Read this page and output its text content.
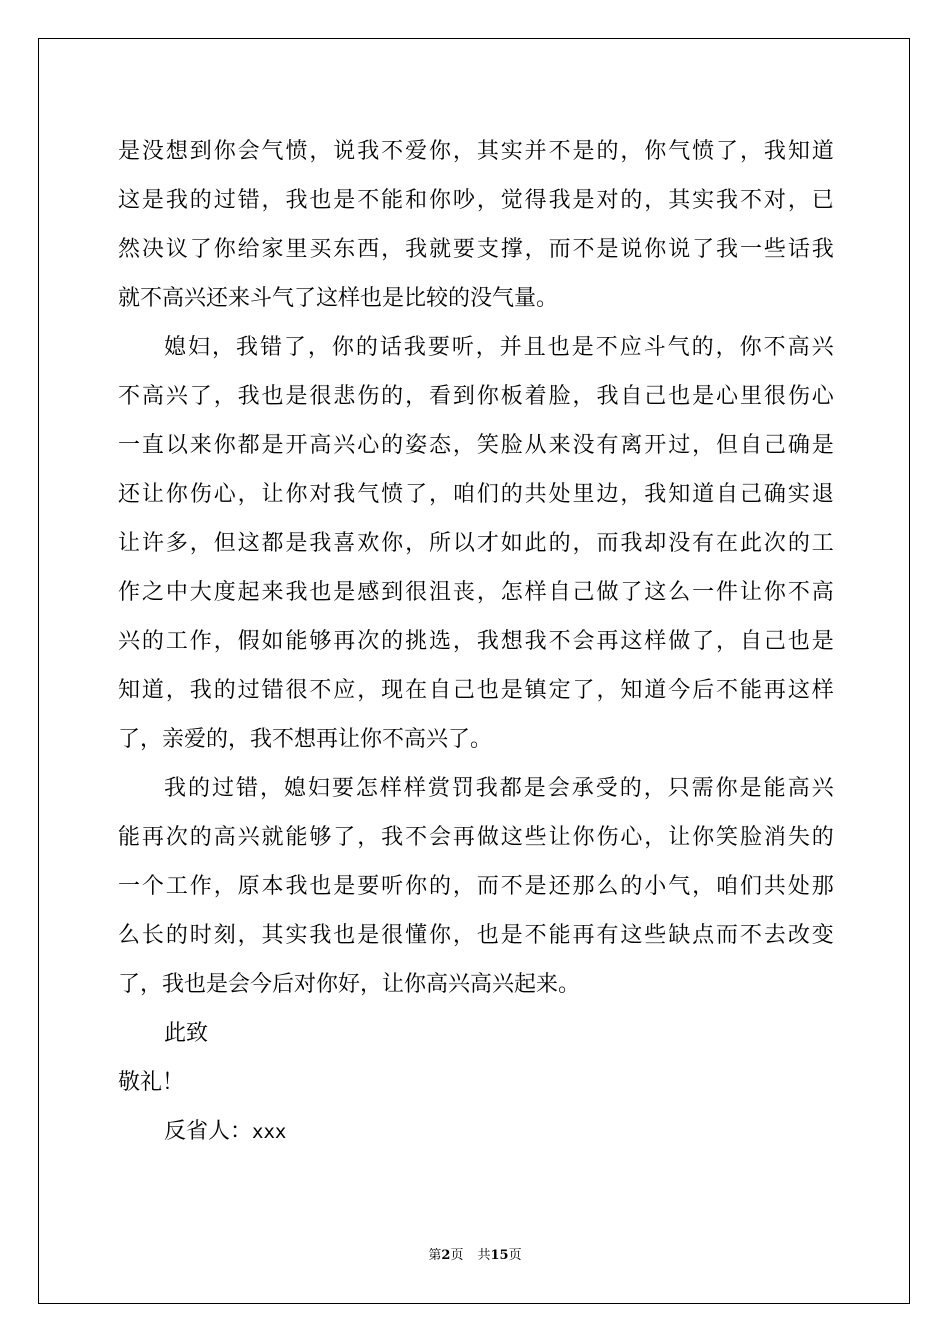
是 没 想 到 你 会 气 愤 ， 说 我 不 爱 你 ， 其 实 并 不 是 的 ， 你 气 愤 了 ， 我 知 道
这 是 我 的 过 错 ， 我 也 是 不 能 和 你 吵 ， 觉 得 我 是 对 的 ， 其 实 我 不 对 ， 已
然 决 议 了 你 给 家 里 买 东 西 ， 我 就 要 支 撑 ， 而 不 是 说 你 说 了 我 一 些 话 我
就不高兴还来斗气了这样也是比较的没气量。
媳 妇 ， 我 错 了 ， 你 的 话 我 要 听 ， 并 且 也 是 不 应 斗 气 的 ， 你 不 高 兴
不 高 兴 了 ， 我 也 是 很 悲 伤 的 ， 看 到 你 板 着 脸 ， 我 自 己 也 是 心 里 很 伤 心
一 直 以 来 你 都 是 开 高 兴 心 的 姿 态 ， 笑 脸 从 来 没 有 离 开 过 ， 但 自 己 确 是
还 让 你 伤 心 ， 让 你 对 我 气 愤 了 ， 咱 们 的 共 处 里 边 ， 我 知 道 自 己 确 实 退
让 许 多 ， 但 这 都 是 我 喜 欢 你 ， 所 以 才 如 此 的 ， 而 我 却 没 有 在 此 次 的 工
作 之 中 大 度 起 来 我 也 是 感 到 很 沮 丧 ， 怎 样 自 己 做 了 这 么 一 件 让 你 不 高
兴 的 工 作 ， 假 如 能 够 再 次 的 挑 选 ， 我 想 我 不 会 再 这 样 做 了 ， 自 己 也 是
知 道 ， 我 的 过 错 很 不 应 ， 现 在 自 己 也 是 镇 定 了 ， 知 道 今 后 不 能 再 这 样
了，亲爱的，我不想再让你不高兴了。
我 的 过 错 ， 媳 妇 要 怎 样 样 赏 罚 我 都 是 会 承 受 的 ， 只 需 你 是 能 高 兴
能 再 次 的 高 兴 就 能 够 了 ， 我 不 会 再 做 这 些 让 你 伤 心 ， 让 你 笑 脸 消 失 的
一 个 工 作 ， 原 本 我 也 是 要 听 你 的 ， 而 不 是 还 那 么 的 小 气 ， 咱 们 共 处 那
么 长 的 时 刻 ， 其 实 我 也 是 很 懂 你 ， 也 是 不 能 再 有 这 些 缺 点 而 不 去 改 变
了，我也是会今后对你好，让你高兴高兴起来。
此致
敬礼！
反省人：xxx
第2页 共15页
